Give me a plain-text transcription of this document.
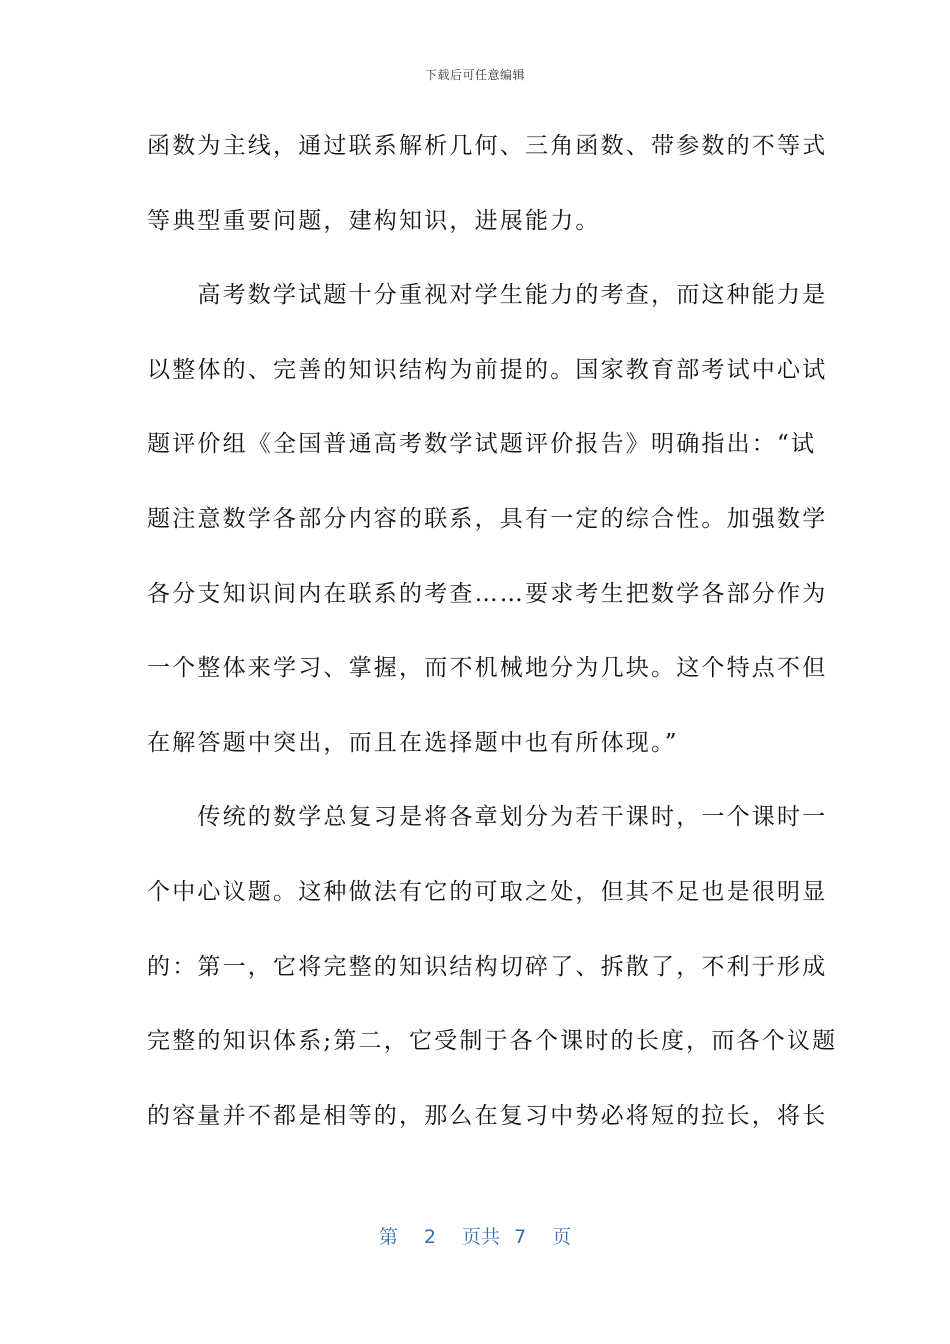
下载后可任意编辑
函数为主线，通过联系解析几何、三角函数、带参数的不等式
等典型重要问题，建构知识，进展能力。
　　高考数学试题十分重视对学生能力的考查，而这种能力是
以整体的、完善的知识结构为前提的。国家教育部考试中心试
题评价组《全国普通高考数学试题评价报告》明确指出：“试
题注意数学各部分内容的联系，具有一定的综合性。加强数学
各分支知识间内在联系的考查……要求考生把数学各部分作为
一个整体来学习、掌握，而不机械地分为几块。这个特点不但
在解答题中突出，而且在选择题中也有所体现。”
　　传统的数学总复习是将各章划分为若干课时，一个课时一
个中心议题。这种做法有它的可取之处，但其不足也是很明显
的：第一，它将完整的知识结构切碎了、拆散了，不利于形成
完整的知识体系;第二，它受制于各个课时的长度，而各个议题
的容量并不都是相等的，那么在复习中势必将短的拉长，将长
第 2 页共 7 页
